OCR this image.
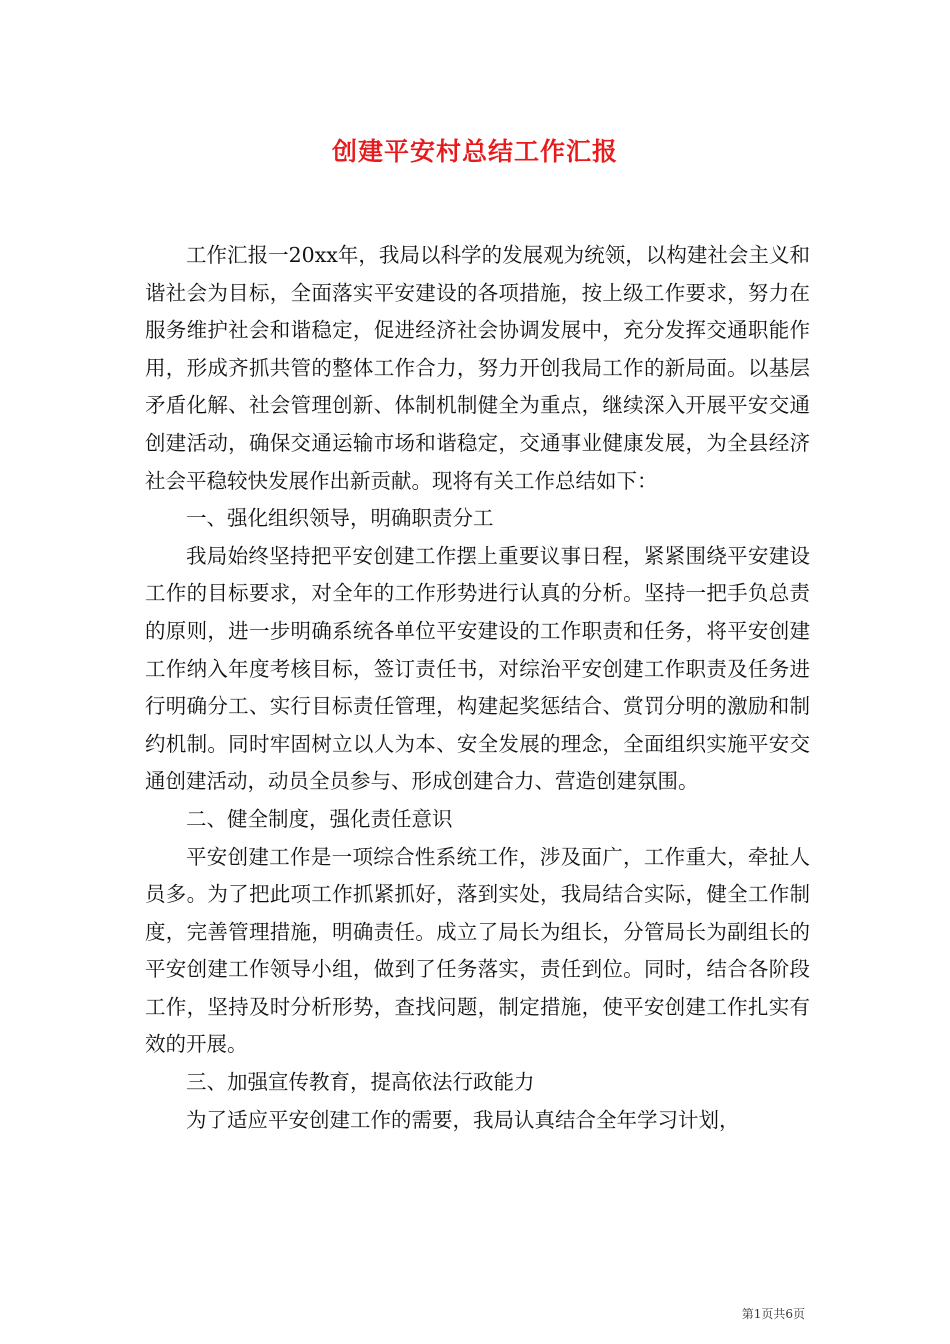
创建平安村总结工作汇报

工作汇报一20xx年，我局以科学的发展观为统领，以构建社会主义和谐社会为目标，全面落实平安建设的各项措施，按上级工作要求，努力在服务维护社会和谐稳定，促进经济社会协调发展中，充分发挥交通职能作用，形成齐抓共管的整体工作合力，努力开创我局工作的新局面。以基层矛盾化解、社会管理创新、体制机制健全为重点，继续深入开展平安交通创建活动，确保交通运输市场和谐稳定，交通事业健康发展，为全县经济社会平稳较快发展作出新贡献。现将有关工作总结如下：

一、强化组织领导，明确职责分工

我局始终坚持把平安创建工作摆上重要议事日程，紧紧围绕平安建设工作的目标要求，对全年的工作形势进行认真的分析。坚持一把手负总责的原则，进一步明确系统各单位平安建设的工作职责和任务，将平安创建工作纳入年度考核目标，签订责任书，对综治平安创建工作职责及任务进行明确分工、实行目标责任管理，构建起奖惩结合、赏罚分明的激励和制约机制。同时牢固树立以人为本、安全发展的理念，全面组织实施平安交通创建活动，动员全员参与、形成创建合力、营造创建氛围。

二、健全制度，强化责任意识

平安创建工作是一项综合性系统工作，涉及面广，工作重大，牵扯人员多。为了把此项工作抓紧抓好，落到实处，我局结合实际，健全工作制度，完善管理措施，明确责任。成立了局长为组长，分管局长为副组长的平安创建工作领导小组，做到了任务落实，责任到位。同时，结合各阶段工作，坚持及时分析形势，查找问题，制定措施，使平安创建工作扎实有效的开展。

三、加强宣传教育，提高依法行政能力

为了适应平安创建工作的需要，我局认真结合全年学习计划，

第1页共6页
